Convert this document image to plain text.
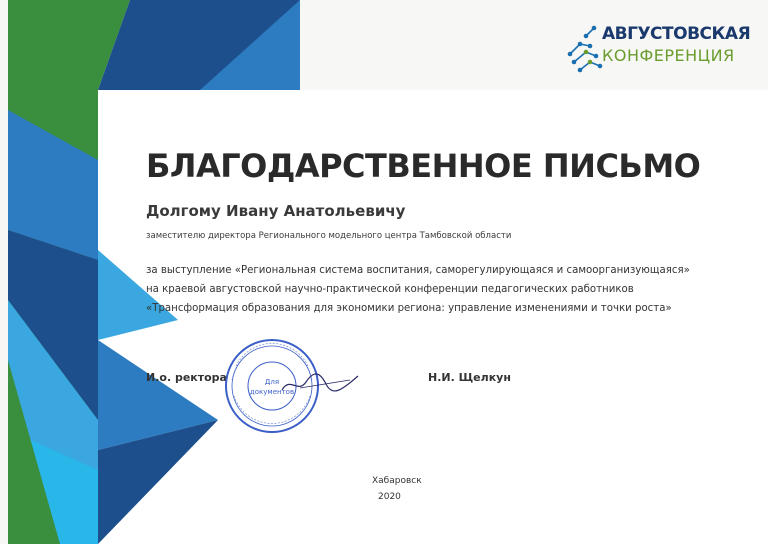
АВГУСТОВСКАЯ
КОНФЕРЕНЦИЯ
БЛАГОДАРСТВЕННОЕ ПИСЬМО
Долгому Ивану Анатольевичу
заместителю директора Регионального модельного центра Тамбовской области
за выступление «Региональная система воспитания, саморегулирующаяся и самоорганизующаяся»
на краевой августовской научно-практической конференции педагогических работников
«Трансформация образования для экономики региона: управление изменениями и точки роста»
И.о. ректора	Для
документов
Н.И. Щелкун
Хабаровск
2020
